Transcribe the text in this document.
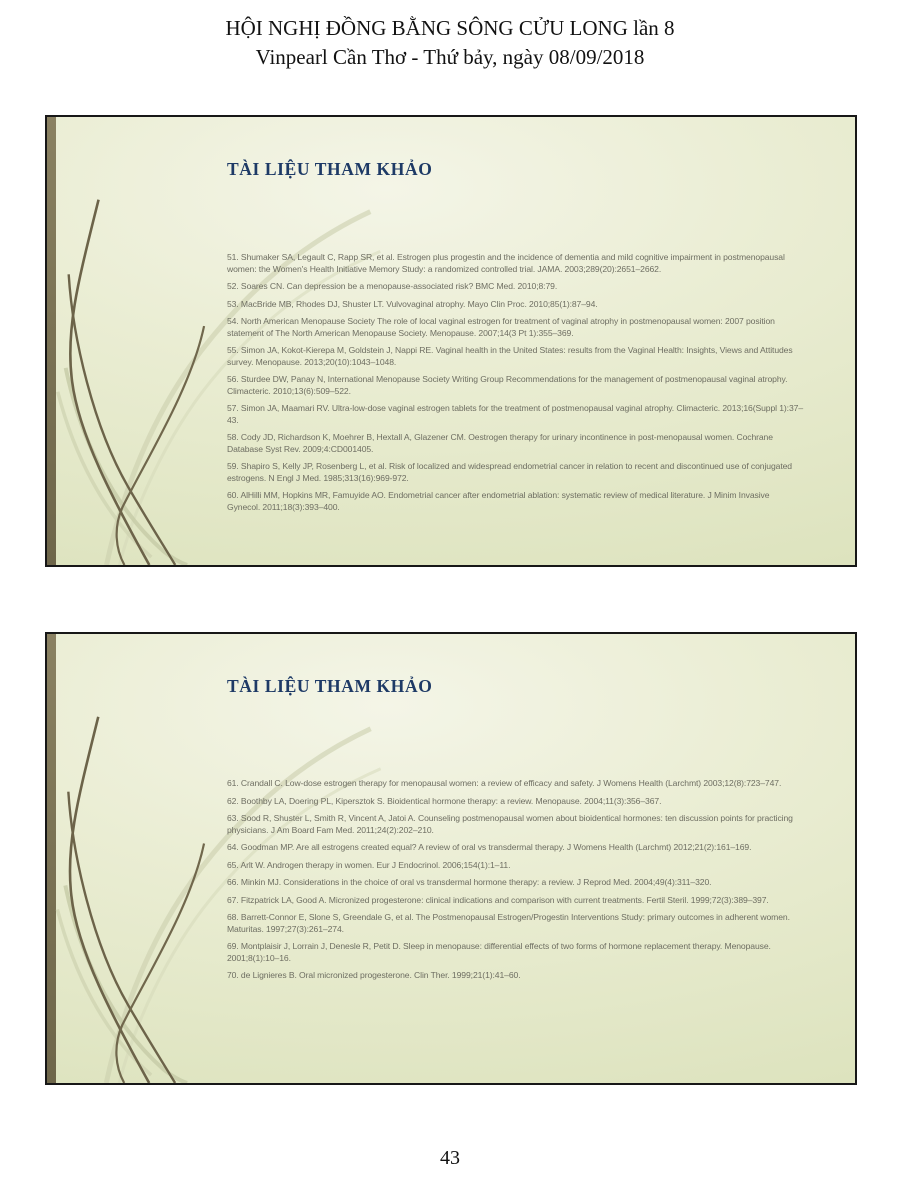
HỘI NGHỊ ĐỒNG BẰNG SÔNG CỬU LONG lần 8
Vinpearl Cần Thơ - Thứ bảy, ngày 08/09/2018
TÀI LIỆU THAM KHẢO

51. Shumaker SA, Legault C, Rapp SR, et al. Estrogen plus progestin and the incidence of dementia and mild cognitive impairment in postmenopausal women: the Women's Health Initiative Memory Study: a randomized controlled trial. JAMA. 2003;289(20):2651–2662.

52. Soares CN. Can depression be a menopause-associated risk? BMC Med. 2010;8:79.

53. MacBride MB, Rhodes DJ, Shuster LT. Vulvovaginal atrophy. Mayo Clin Proc. 2010;85(1):87–94.

54. North American Menopause Society The role of local vaginal estrogen for treatment of vaginal atrophy in postmenopausal women: 2007 position statement of The North American Menopause Society. Menopause. 2007;14(3 Pt 1):355–369.

55. Simon JA, Kokot-Kierepa M, Goldstein J, Nappi RE. Vaginal health in the United States: results from the Vaginal Health: Insights, Views and Attitudes survey. Menopause. 2013;20(10):1043–1048.

56. Sturdee DW, Panay N, International Menopause Society Writing Group Recommendations for the management of postmenopausal vaginal atrophy. Climacteric. 2010;13(6):509–522.

57. Simon JA, Maamari RV. Ultra-low-dose vaginal estrogen tablets for the treatment of postmenopausal vaginal atrophy. Climacteric. 2013;16(Suppl 1):37–43.

58. Cody JD, Richardson K, Moehrer B, Hextall A, Glazener CM. Oestrogen therapy for urinary incontinence in post-menopausal women. Cochrane Database Syst Rev. 2009;4:CD001405.

59. Shapiro S, Kelly JP, Rosenberg L, et al. Risk of localized and widespread endometrial cancer in relation to recent and discontinued use of conjugated estrogens. N Engl J Med. 1985;313(16):969-972.

60. AlHilli MM, Hopkins MR, Famuyide AO. Endometrial cancer after endometrial ablation: systematic review of medical literature. J Minim Invasive Gynecol. 2011;18(3):393–400.

TÀI LIỆU THAM KHẢO

61. Crandall C. Low-dose estrogen therapy for menopausal women: a review of efficacy and safety. J Womens Health (Larchmt) 2003;12(8):723–747.

62. Boothby LA, Doering PL, Kipersztok S. Bioidentical hormone therapy: a review. Menopause. 2004;11(3):356–367.

63. Sood R, Shuster L, Smith R, Vincent A, Jatoi A. Counseling postmenopausal women about bioidentical hormones: ten discussion points for practicing physicians. J Am Board Fam Med. 2011;24(2):202–210.

64. Goodman MP. Are all estrogens created equal? A review of oral vs transdermal therapy. J Womens Health (Larchmt) 2012;21(2):161–169.

65. Arlt W. Androgen therapy in women. Eur J Endocrinol. 2006;154(1):1–11.

66. Minkin MJ. Considerations in the choice of oral vs transdermal hormone therapy: a review. J Reprod Med. 2004;49(4):311–320.

67. Fitzpatrick LA, Good A. Micronized progesterone: clinical indications and comparison with current treatments. Fertil Steril. 1999;72(3):389–397.

68. Barrett-Connor E, Slone S, Greendale G, et al. The Postmenopausal Estrogen/Progestin Interventions Study: primary outcomes in adherent women. Maturitas. 1997;27(3):261–274.

69. Montplaisir J, Lorrain J, Denesle R, Petit D. Sleep in menopause: differential effects of two forms of hormone replacement therapy. Menopause. 2001;8(1):10–16.

70. de Lignieres B. Oral micronized progesterone. Clin Ther. 1999;21(1):41–60.

43
